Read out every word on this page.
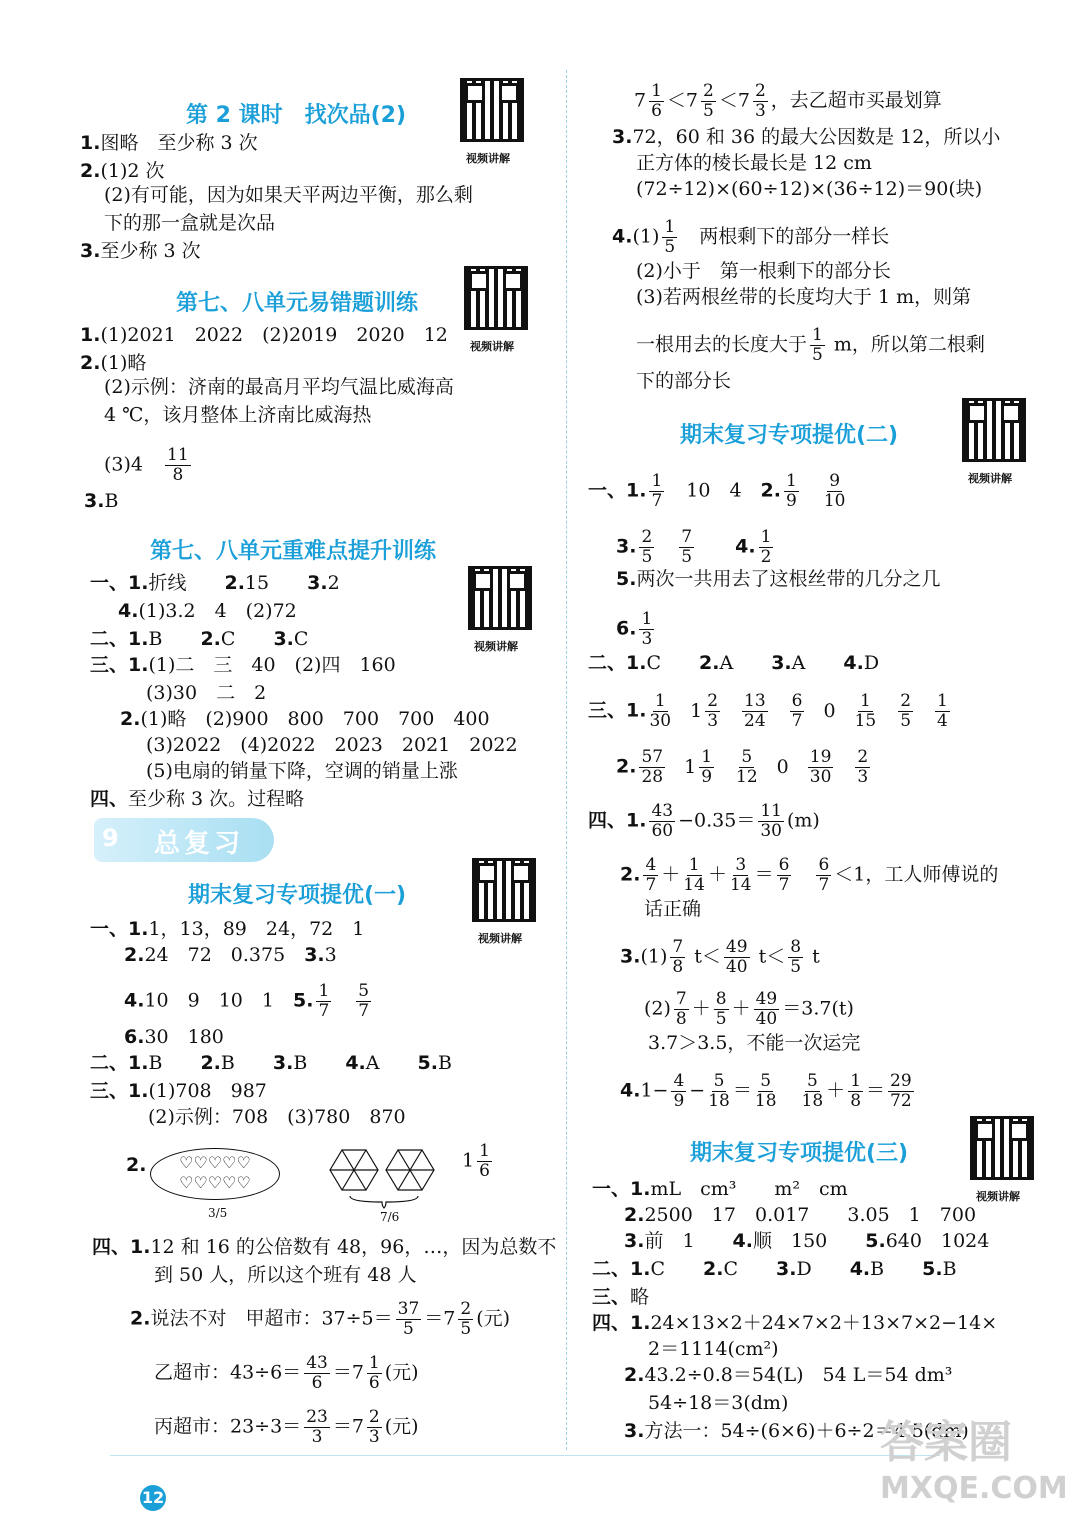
第 2 课时　找次品(2)
视频讲解
1.图略　至少称 3 次
2.(1)2 次
(2)有可能，因为如果天平两边平衡，那么剩
下的那一盒就是次品
3.至少称 3 次
第七、八单元易错题训练
视频讲解
1.(1)2021　2022　(2)2019　2020　12
2.(1)略
(2)示例：济南的最高月平均气温比威海高
4 ℃，该月整体上济南比威海热
(3)4　 $\frac{11}{8}$
3.B
第七、八单元重难点提升训练
视频讲解
一、1.折线　　2.15　　3.2
4.(1)3.2　4　(2)72
二、1.B　　2.C　　3.C
三、1.(1)二　三　40　(2)四　160
(3)30　二　2
2.(1)略　(2)900　800　700　700　400
(3)2022　(4)2022　2023　2021　2022
(5)电扇的销量下降，空调的销量上涨
四、至少称 3 次。过程略
9 总复习
期末复习专项提优(一)
视频讲解
一、1.1，13，89　24，72　1
2.24　72　0.375　3.3
4.10　9　10　1　5. $\frac{1}{7}$
　 $\frac{5}{7}$
6.30　180
二、1.B　　2.B　　3.B　　4.A　　5.B
三、1.(1)708　987
(2)示例：708　(3)780　870
2.	♡♡♡♡♡
♡♡♡♡♡
3/5	7/6
$1 \frac{1}{6}$
四、1.12 和 16 的公倍数有 48，96，…，因为总数不
到 50 人，所以这个班有 48 人
2.说法不对　甲超市：$37\div 5= \frac{37}{5} =7 \frac{2}{5}$ (元)
乙超市：$43\div 6= \frac{43}{6} =7 \frac{1}{6}$ (元)
丙超市：$23\div 3= \frac{23}{3} =7 \frac{2}{3}$ (元)
$7 \frac{1}{6} <7 \frac{2}{5} <7 \frac{2}{3}$ ，去乙超市买最划算
3.72，60 和 36 的最大公因数是 12，所以小
正方体的棱长最长是 12 cm
(72÷12)×(60÷12)×(36÷12)＝90(块)
$4.(1) \frac{1}{5}$ 　两根剩下的部分一样长
(2)小于　第一根剩下的部分长
(3)若两根丝带的长度均大于 1 m，则第
一根用去的长度大于 $\frac{1}{5}$ m，所以第二根剩
下的部分长
期末复习专项提优(二)
视频讲解
一、1. $\frac{1}{7}$ 　10　4　2. $\frac{1}{9}$
　 $\frac{9}{10}$
3. $\frac{2}{5}$
　 $\frac{7}{5}$
　　 4. $\frac{1}{2}$
5.两次一共用去了这根丝带的几分之几
6. $\frac{1}{3}$
二、1.C　　2.A　　3.A　　4.D
三、1. $\frac{1}{30} 1 \frac{2}{3} \frac{13}{24} \frac{6}{7} 0 \frac{1}{15} \frac{2}{5} \frac{1}{4}$
2. $\frac{57}{28} 1 \frac{1}{9} \frac{5}{12} 0 \frac{19}{30} \frac{2}{3}$
四、1. $\frac{43}{60} -0.35= \frac{11}{30} (m)$
2. $\frac{4}{7} + \frac{1}{14} + \frac{3}{14} = \frac{6}{7}$
　 $\frac{6}{7} <1$，工人师傅说的
话正确
$3.(1) \frac{7}{8} t< \frac{49}{40} t< \frac{8}{5}$ t
$(2) \frac{7}{8} + \frac{8}{5} + \frac{49}{40} =3.7(t)$
3.7＞3.5，不能一次运完
$4.1- \frac{4}{9} - \frac{5}{18} = \frac{5}{18}$
　 $\frac{5}{18} + \frac{1}{8} = \frac{29}{72}$
期末复习专项提优(三)
视频讲解
一、1.mL　cm³　　m²　cm
2.2500　17　0.017　　3.05　1　700
3.前　1　　4.顺　150　　5.640　1024
二、1.C　　2.C　　3.D　　4.B　　5.B
三、略
四、1.24×13×2＋24×7×2＋13×7×2−14×
2＝1114(cm²)
2.43.2÷0.8＝54(L)　54 L＝54 dm³
54÷18＝3(dm)
3.方法一：54÷(6×6)＋6÷2＝4.5(dm)
12
答案圈
MXQE.COM
